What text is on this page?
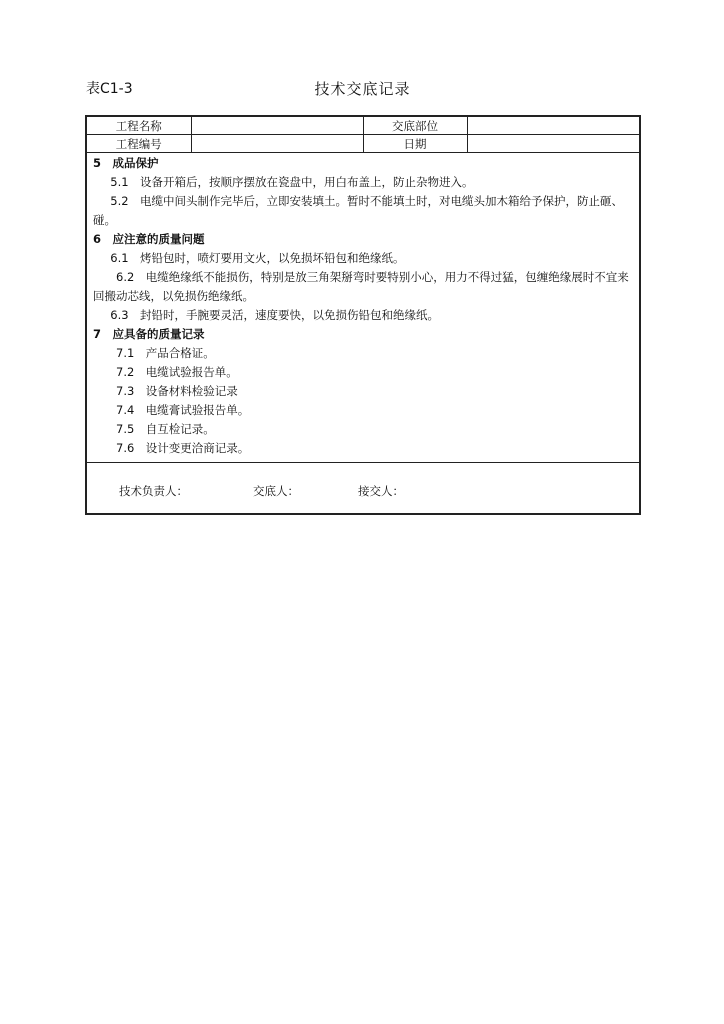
表C1-3	技术交底记录
工程名称		交底部位	
工程编号		日期	
5　成品保护
5.1　设备开箱后，按顺序摆放在瓷盘中，用白布盖上，防止杂物进入。
5.2　电缆中间头制作完毕后，立即安装填土。暂时不能填土时，对电缆头加木箱给予保护，防止砸、碰。
6　应注意的质量问题
6.1　烤铅包时，喷灯要用文火，以免损坏铅包和绝缘纸。
6.2　电缆绝缘纸不能损伤，特别是放三角架掰弯时要特别小心，用力不得过猛，包缠绝缘展时不宜来回搬动芯线，以免损伤绝缘纸。
6.3　封铅时，手腕要灵活，速度要快，以免损伤铅包和绝缘纸。
7　应具备的质量记录
7.1　产品合格证。
7.2　电缆试验报告单。
7.3　设备材料检验记录
7.4　电缆膏试验报告单。
7.5　自互检记录。
7.6　设计变更洽商记录。
技术负责人：	交底人：	接交人：
